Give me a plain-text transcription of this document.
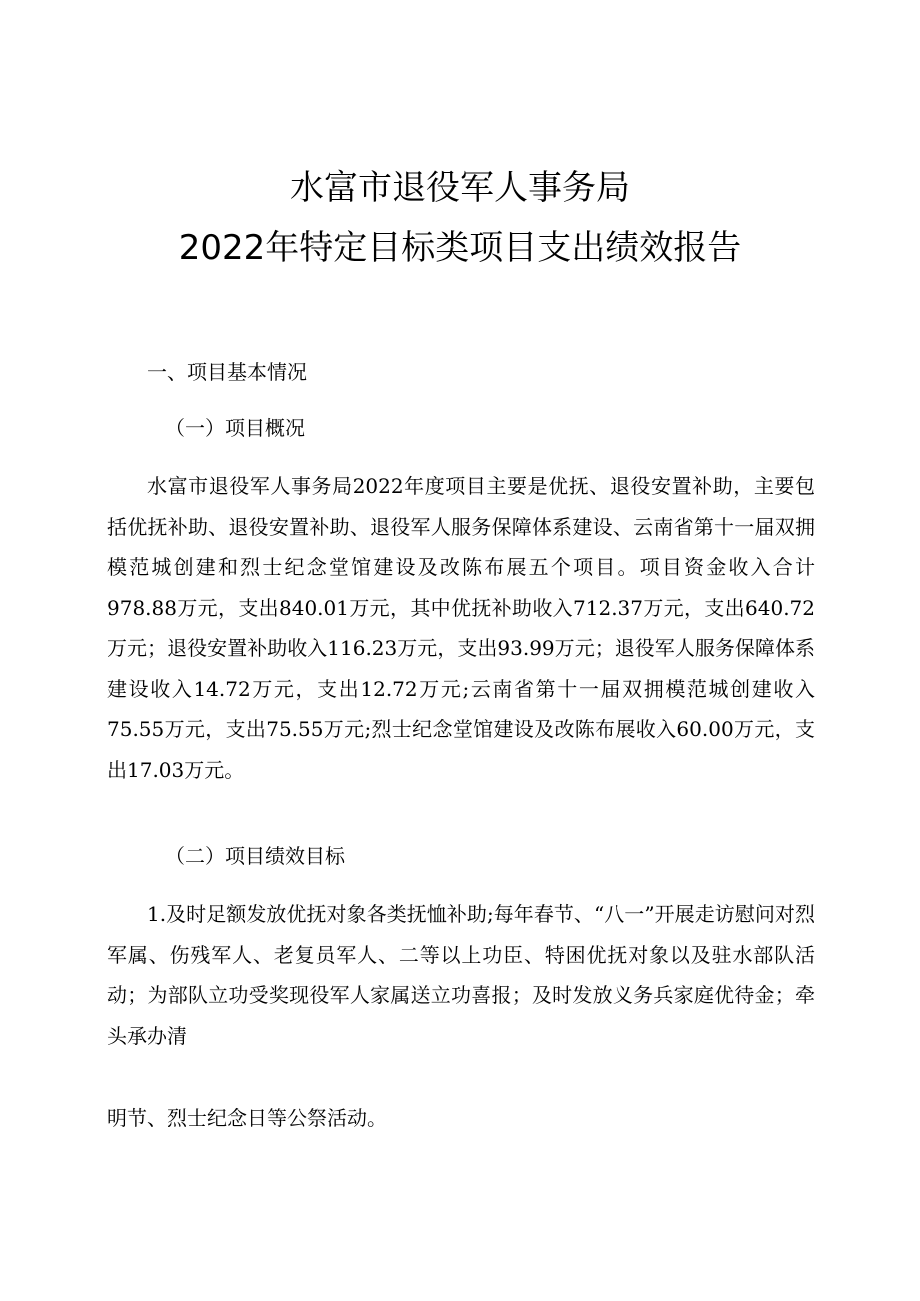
水富市退役军人事务局
2022年特定目标类项目支出绩效报告
一、项目基本情况
（一）项目概况

水富市退役军人事务局2022年度项目主要是优抚、退役安置补助，主要包括优抚补助、退役安置补助、退役军人服务保障体系建设、云南省第十一届双拥模范城创建和烈士纪念堂馆建设及改陈布展五个项目。项目资金收入合计978.88万元，支出840.01万元，其中优抚补助收入712.37万元，支出640.72万元；退役安置补助收入116.23万元，支出93.99万元；退役军人服务保障体系建设收入14.72万元，支出12.72万元;云南省第十一届双拥模范城创建收入75.55万元，支出75.55万元;烈士纪念堂馆建设及改陈布展收入60.00万元，支出17.03万元。

（二）项目绩效目标

1.及时足额发放优抚对象各类抚恤补助;每年春节、“八一”开展走访慰问对烈军属、伤残军人、老复员军人、二等以上功臣、特困优抚对象以及驻水部队活动；为部队立功受奖现役军人家属送立功喜报；及时发放义务兵家庭优待金；牵头承办清

明节、烈士纪念日等公祭活动。
